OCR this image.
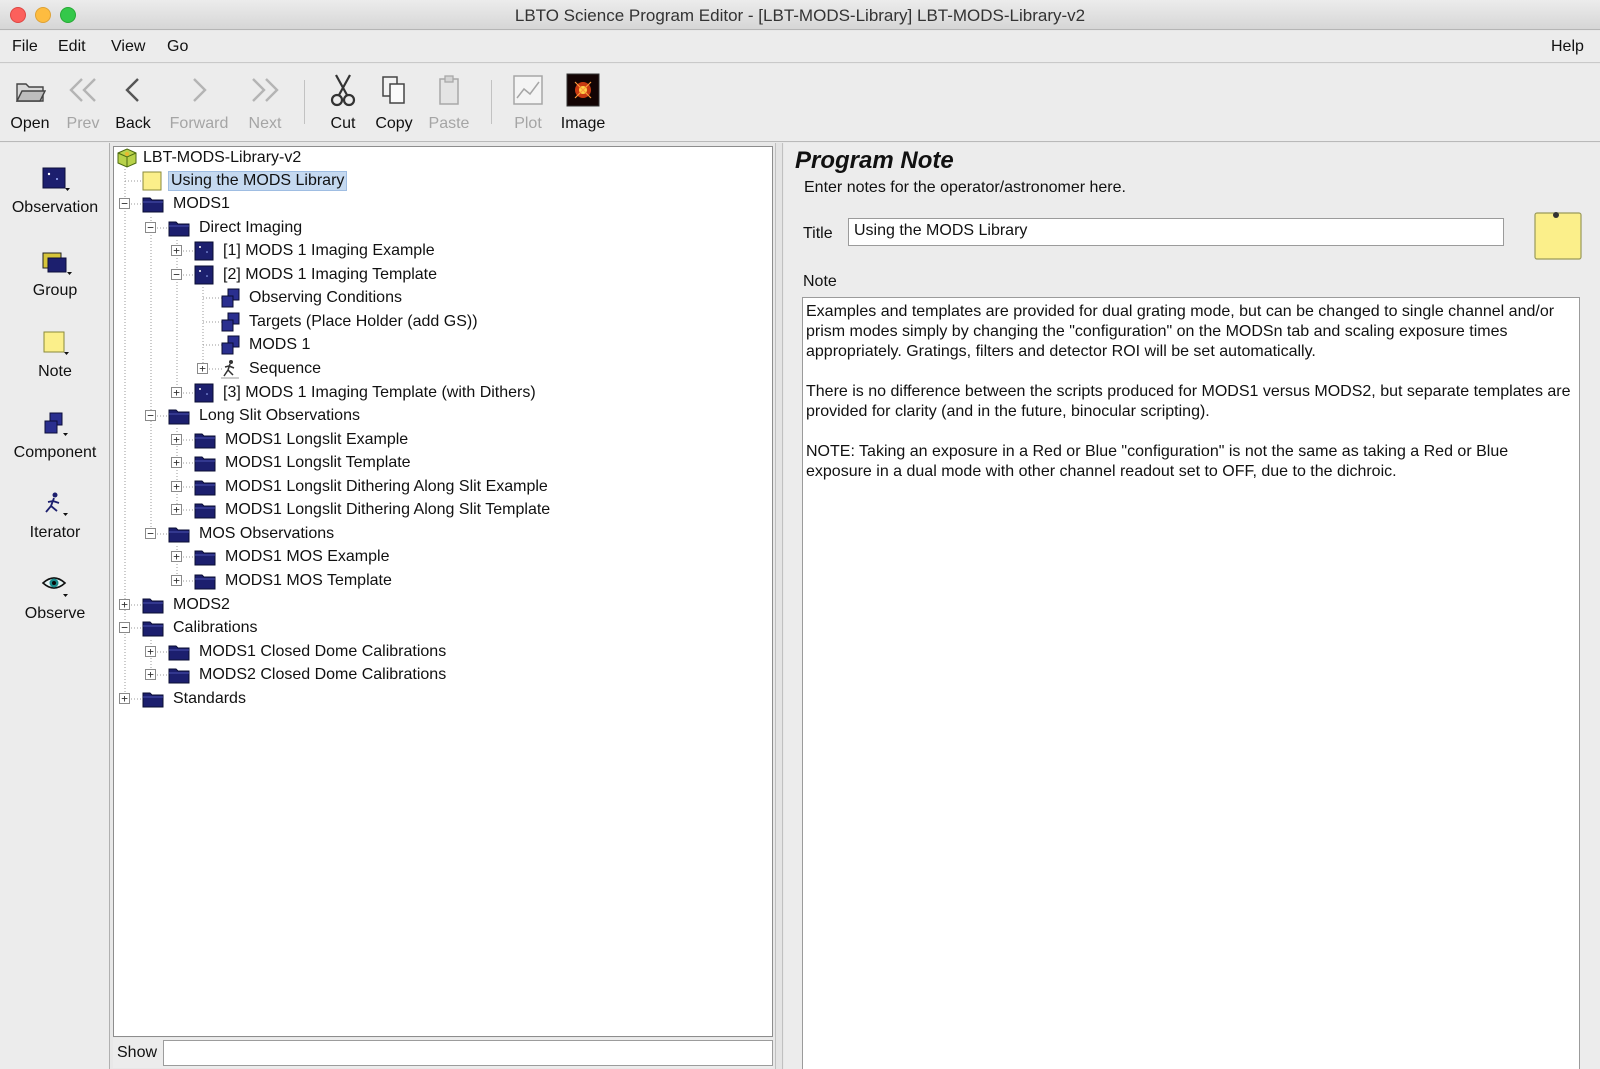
LBTO Science Program Editor - [LBT-MODS-Library] LBT-MODS-Library-v2
File Edit View Go	Help
Open Prev Back Forward	Next	Cut	Copy Paste	Plot Image
Observation
Group
Note
Component
Iterator
Observe
LBT-MODS-Library-v2
Using the MODS Library
−	MODS1
−	Direct Imaging
+	[1] MODS 1 Imaging Example
−	[2] MODS 1 Imaging Template
Observing Conditions
Targets (Place Holder (add GS))
MODS 1
+	Sequence
+	[3] MODS 1 Imaging Template (with Dithers)
−	Long Slit Observations
+	MODS1 Longslit Example
+	MODS1 Longslit Template
+	MODS1 Longslit Dithering Along Slit Example
+	MODS1 Longslit Dithering Along Slit Template
−	MOS Observations
+	MODS1 MOS Example
+	MODS1 MOS Template
+	MODS2
−	Calibrations
+	MODS1 Closed Dome Calibrations
+	MODS2 Closed Dome Calibrations
+	Standards
Show
Program Note
Enter notes for the operator/astronomer here.
Title	Using the MODS Library
Note

Examples and templates are provided for dual grating mode, but can be changed to single channel and/or prism modes simply by changing the "configuration" on the MODSn tab and scaling exposure times appropriately. Gratings, filters and detector ROI will be set automatically.

There is no difference between the scripts produced for MODS1 versus MODS2, but separate templates are provided for clarity (and in the future, binocular scripting).

NOTE: Taking an exposure in a Red or Blue "configuration" is not the same as taking a Red or Blue exposure in a dual mode with other channel readout set to OFF, due to the dichroic.
